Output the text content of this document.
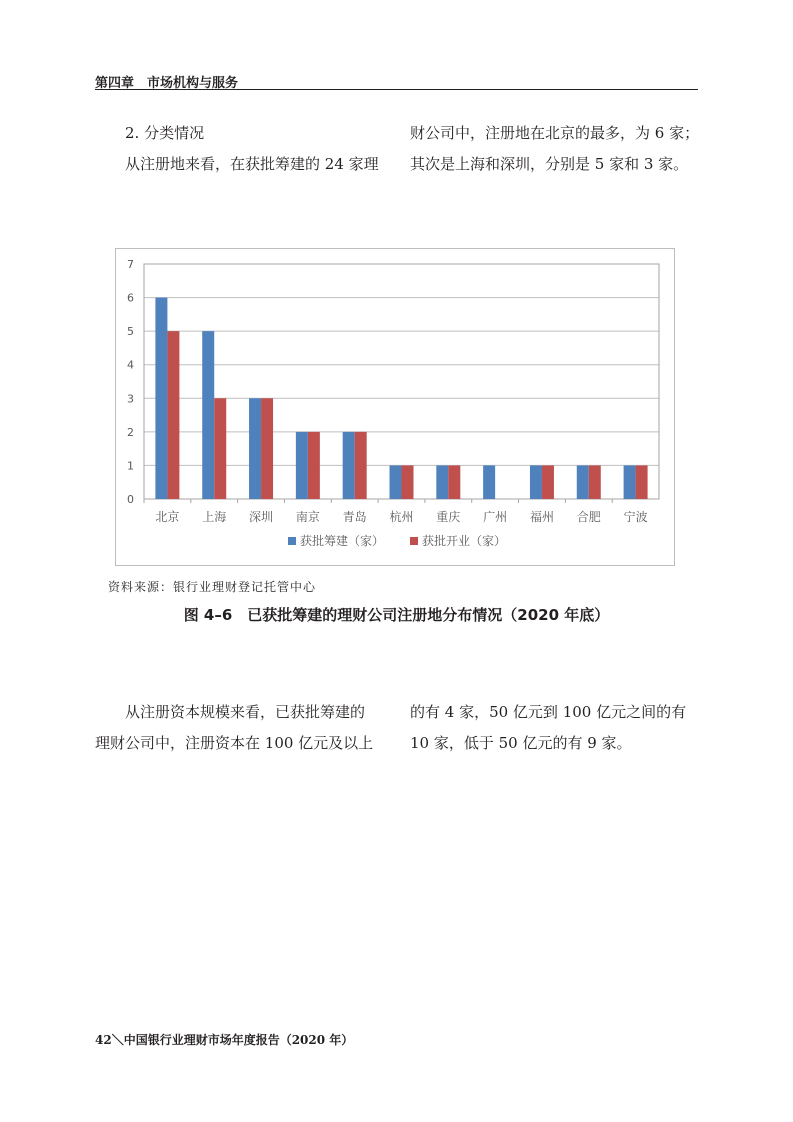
第四章　市场机构与服务

2. 分类情况

从注册地来看，在获批筹建的 24 家理

财公司中，注册地在北京的最多，为 6 家；

其次是上海和深圳，分别是 5 家和 3 家。

0
1
2
3
4
5
6
7
北京 上海 深圳 南京 青岛 杭州 重庆 广州 福州 合肥 宁波
获批筹建（家）	获批开业（家）
资料来源：银行业理财登记托管中心
图 4–6　已获批筹建的理财公司注册地分布情况（2020 年底）

从注册资本规模来看，已获批筹建的

理财公司中，注册资本在 100 亿元及以上

的有 4 家，50 亿元到 100 亿元之间的有

10 家，低于 50 亿元的有 9 家。

42＼中国银行业理财市场年度报告（2020 年）
